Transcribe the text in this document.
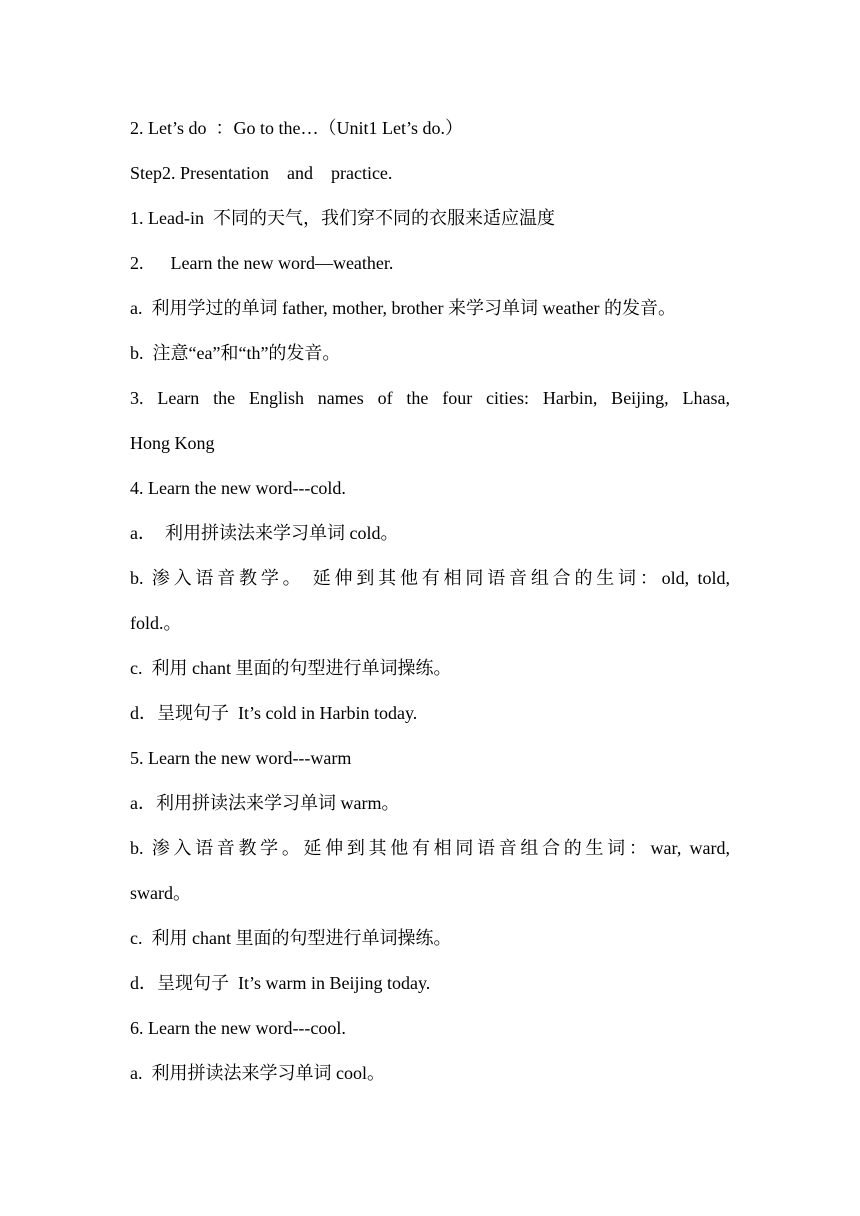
2. Let’s do  ：Go to the…（Unit1 Let’s do.）
Step2. Presentation    and    practice.
1. Lead-in  不同的天气，我们穿不同的衣服来适应温度
2.      Learn the new word—weather.
a.  利用学过的单词 father, mother, brother 来学习单词 weather 的发音。
b.  注意“ea”和“th”的发音。
3. Learn the English names of the four cities: Harbin, Beijing, Lhasa,
Hong Kong
4. Learn the new word---cold.
a．  利用拼读法来学习单词 cold。
b. 渗入语音教学。 延伸到其他有相同语音组合的生词：old, told,
fold.。
c.  利用 chant 里面的句型进行单词操练。
d．呈现句子  It’s cold in Harbin today.
5. Learn the new word---warm
a．利用拼读法来学习单词 warm。
b. 渗入语音教学。延伸到其他有相同语音组合的生词：war, ward,
sward。
c.  利用 chant 里面的句型进行单词操练。
d．呈现句子  It’s warm in Beijing today.
6. Learn the new word---cool.
a.  利用拼读法来学习单词 cool。
